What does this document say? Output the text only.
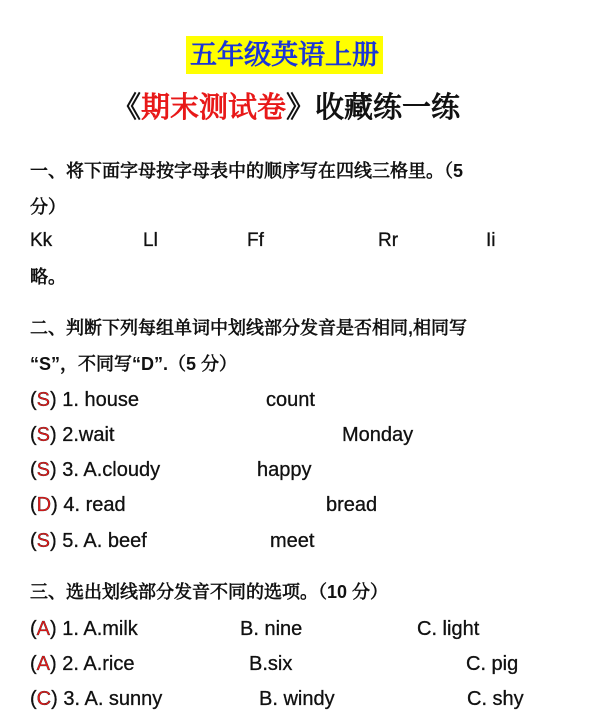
五年级英语上册
《期末测试卷》收藏练一练
一、将下面字母按字母表中的顺序写在四线三格里。（5
分）
Kk	Ll	Ff	Rr	Ii
略。
二、判断下列每组单词中划线部分发音是否相同,相同写
“S”，不同写“D”.（5 分）
(S) 1. house	count
(S) 2.wait	Monday
(S) 3. A.cloudy	happy
(D) 4. read	bread
(S) 5. A. beef	meet
三、选出划线部分发音不同的选项。（10 分）
(A) 1. A.milk	B. nine	C. light
(A) 2. A.rice	B.six	C. pig
(C) 3. A. sunny	B. windy	C. shy
